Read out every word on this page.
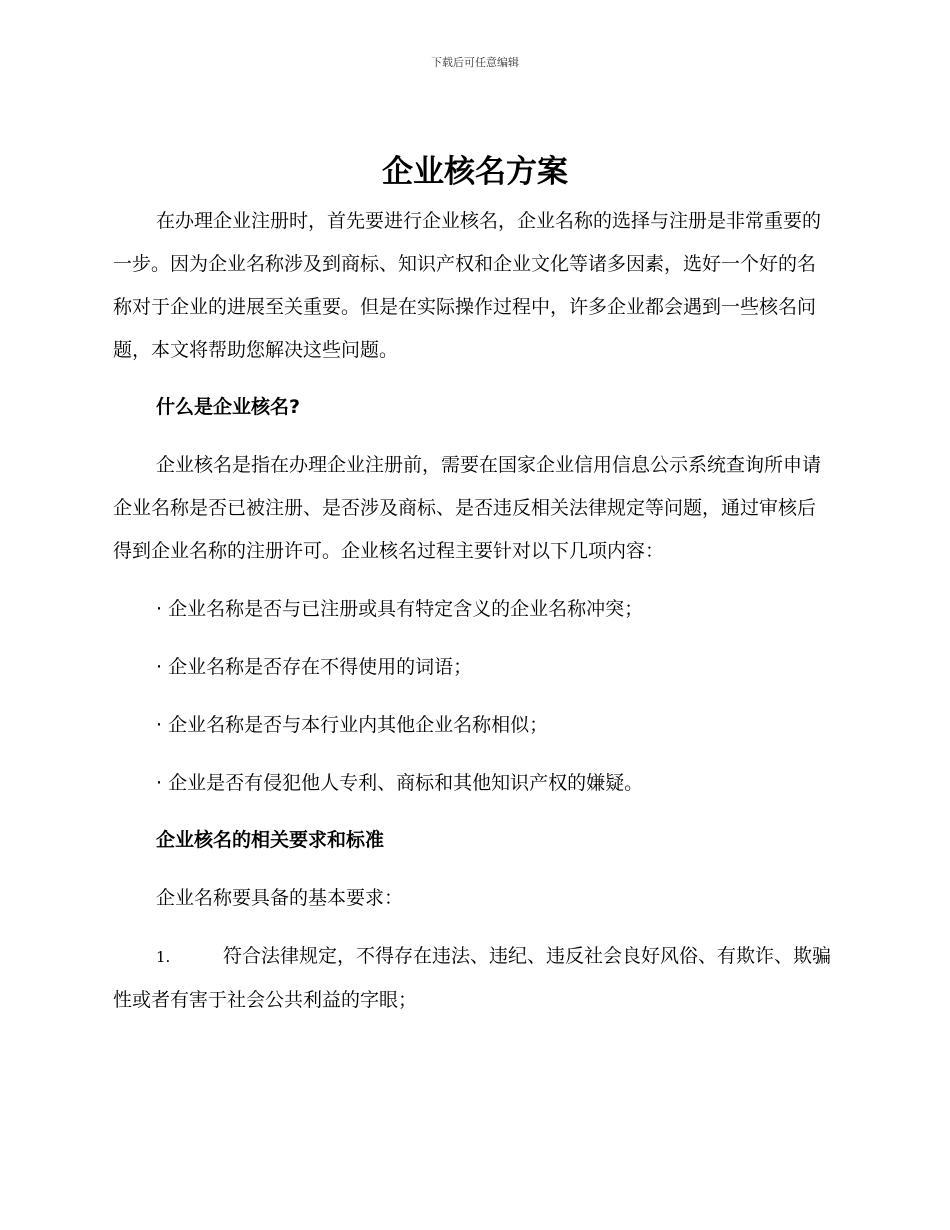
下载后可任意编辑
企业核名方案

在办理企业注册时，首先要进行企业核名，企业名称的选择与注册是非常重要的一步。因为企业名称涉及到商标、知识产权和企业文化等诸多因素，选好一个好的名称对于企业的进展至关重要。但是在实际操作过程中，许多企业都会遇到一些核名问题，本文将帮助您解决这些问题。

什么是企业核名?

企业核名是指在办理企业注册前，需要在国家企业信用信息公示系统查询所申请企业名称是否已被注册、是否涉及商标、是否违反相关法律规定等问题，通过审核后得到企业名称的注册许可。企业核名过程主要针对以下几项内容：

· 企业名称是否与已注册或具有特定含义的企业名称冲突；

· 企业名称是否存在不得使用的词语；

· 企业名称是否与本行业内其他企业名称相似；

· 企业是否有侵犯他人专利、商标和其他知识产权的嫌疑。

企业核名的相关要求和标准

企业名称要具备的基本要求：

1.	符合法律规定，不得存在违法、违纪、违反社会良好风俗、有欺诈、欺骗性或者有害于社会公共利益的字眼；
